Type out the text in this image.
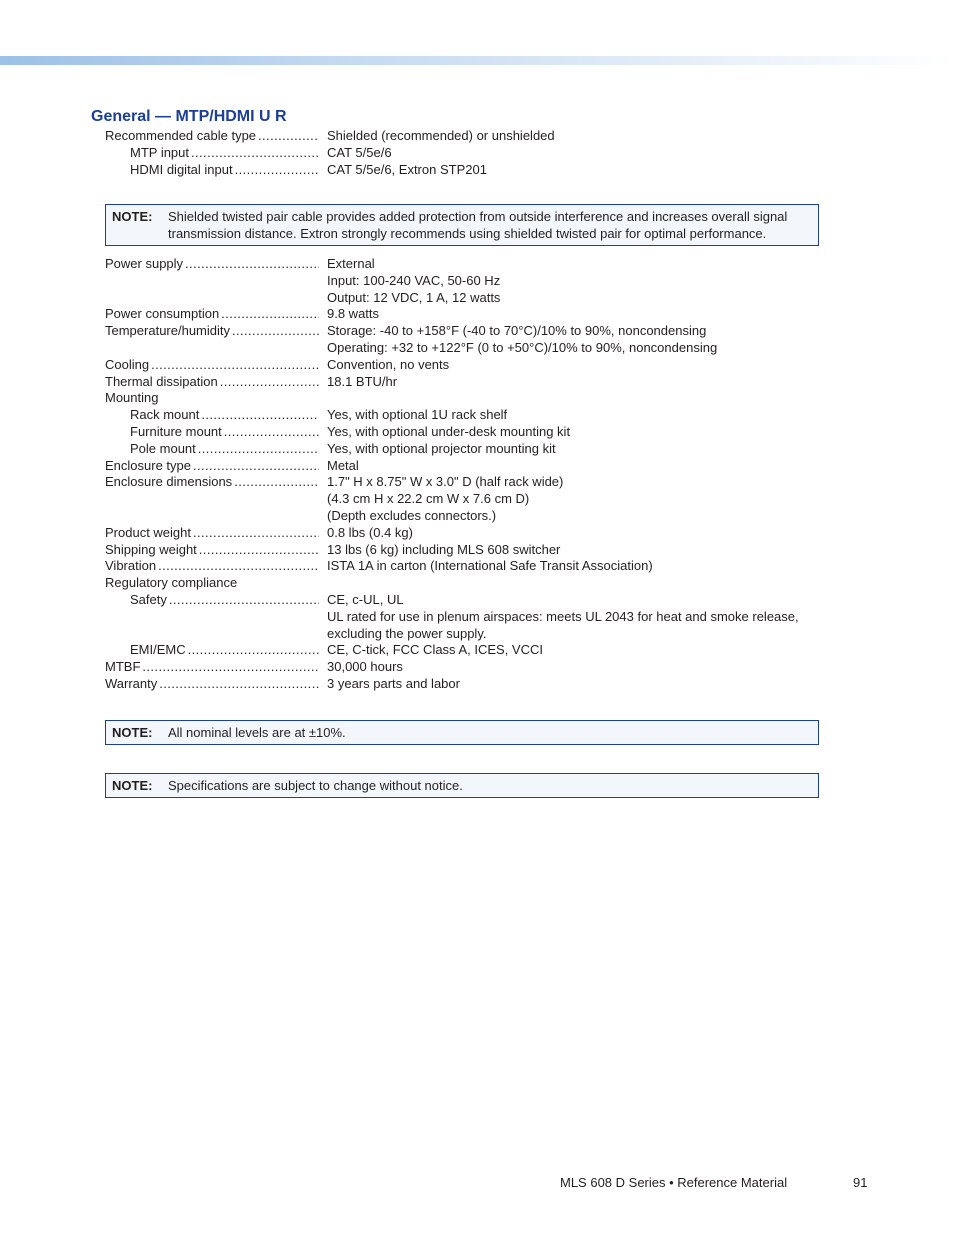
General — MTP/HDMI U R
Recommended cable type .....	Shielded (recommended) or unshielded
MTP input .....	CAT 5/5e/6
HDMI digital input .....	CAT 5/5e/6, Extron STP201
NOTE:	Shielded twisted pair cable provides added protection from outside interference and increases overall signal transmission distance. Extron strongly recommends using shielded twisted pair for optimal performance.
Power supply .....	External
Input: 100-240 VAC, 50-60 Hz
Output: 12 VDC, 1 A, 12 watts
Power consumption .....	9.8 watts
Temperature/humidity .....	Storage: -40 to +158°F (-40 to 70°C)/10% to 90%, noncondensing
Operating: +32 to +122°F (0 to +50°C)/10% to 90%, noncondensing
Cooling .....	Convention, no vents
Thermal dissipation .....	18.1 BTU/hr
Mounting
Rack mount .....	Yes, with optional 1U rack shelf
Furniture mount .....	Yes, with optional under-desk mounting kit
Pole mount .....	Yes, with optional projector mounting kit
Enclosure type .....	Metal
Enclosure dimensions .....	1.7" H x 8.75" W x 3.0" D (half rack wide)
(4.3 cm H x 22.2 cm W x 7.6 cm D)
(Depth excludes connectors.)
Product weight .....	0.8 lbs (0.4 kg)
Shipping weight .....	13 lbs (6 kg) including MLS 608 switcher
Vibration .....	ISTA 1A in carton (International Safe Transit Association)
Regulatory compliance
Safety .....	CE, c-UL, UL
UL rated for use in plenum airspaces: meets UL 2043 for heat and smoke release,
excluding the power supply.
EMI/EMC .....	CE, C-tick, FCC Class A, ICES, VCCI
MTBF .....	30,000 hours
Warranty .....	3 years parts and labor
NOTE:	All nominal levels are at ±10%.
NOTE:	Specifications are subject to change without notice.
MLS 608 D Series • Reference Material	91
